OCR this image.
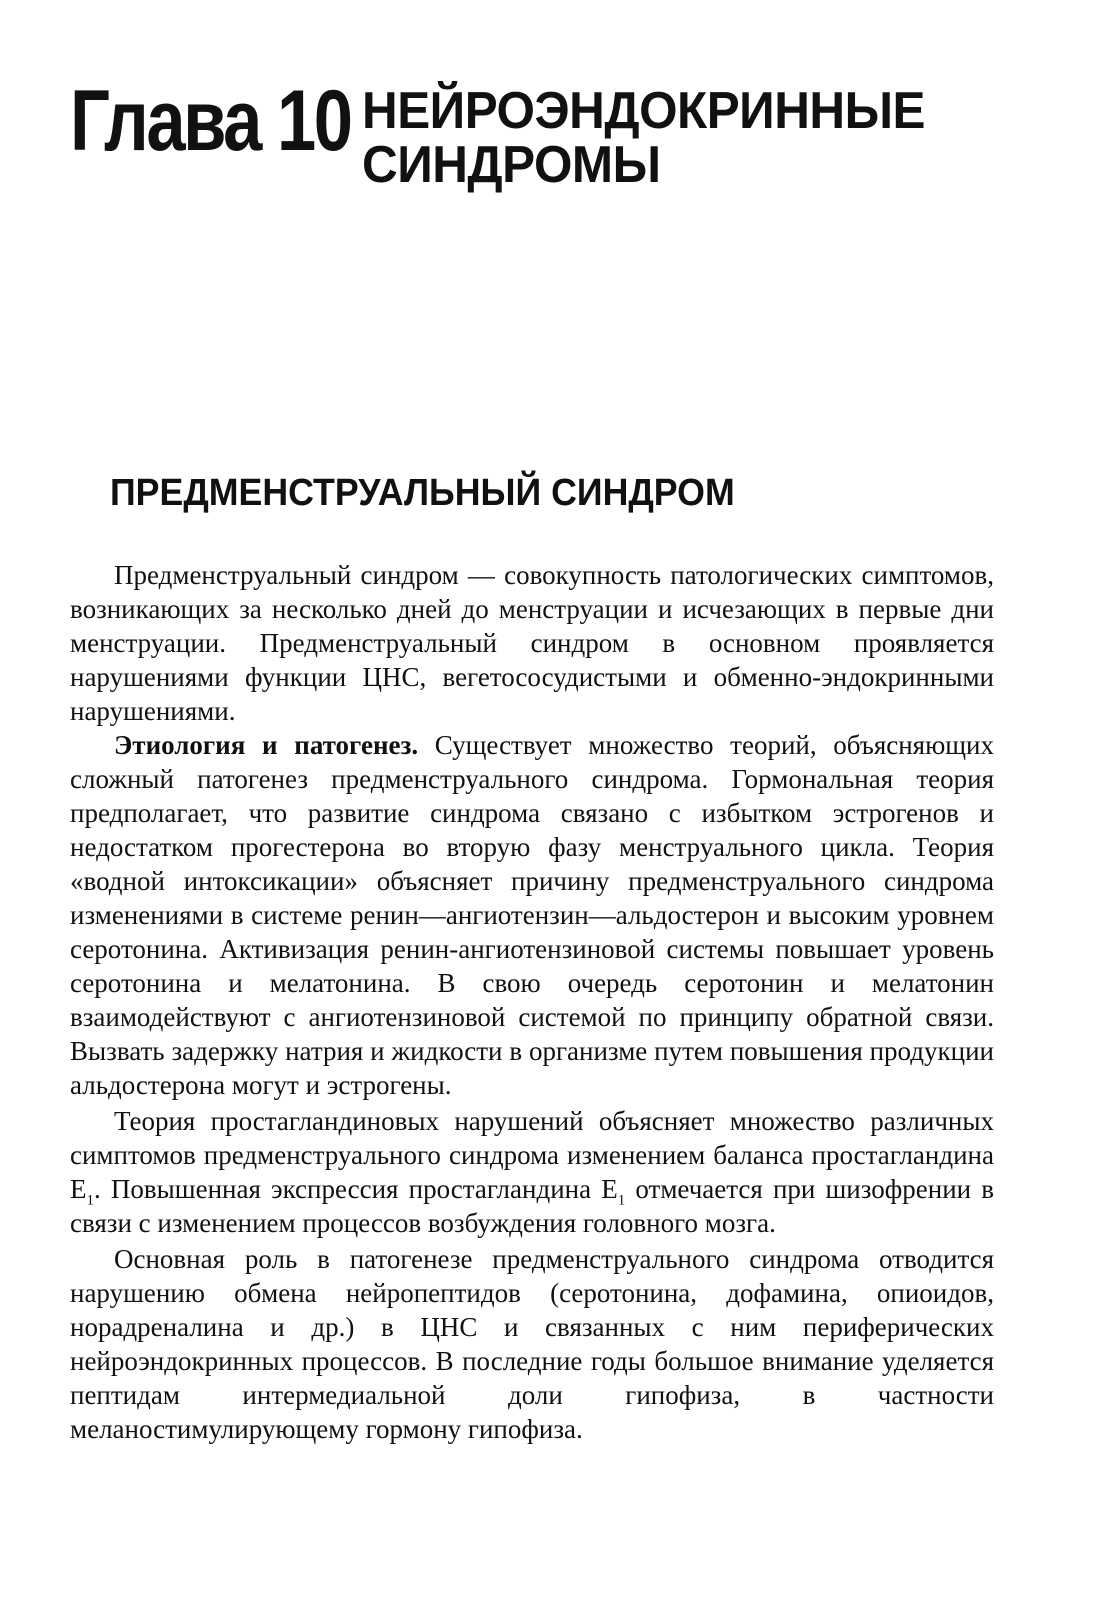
Глава 10 НЕЙРОЭНДОКРИННЫЕ
СИНДРОМЫ
ПРЕДМЕНСТРУАЛЬНЫЙ СИНДРОМ

Предменструальный синдром — совокупность патологических симптомов, возникающих за несколько дней до менструации и исчезающих в первые дни менструации. Предменструальный синдром в основном проявляется нарушениями функции ЦНС, вегетососудистыми и обменно-эндокринными нарушениями.

Этиология и патогенез. Существует множество теорий, объясняющих сложный патогенез предменструального синдрома. Гормональная теория предполагает, что развитие синдрома связано с избытком эстрогенов и недостатком прогестерона во вторую фазу менструального цикла. Теория «водной интоксикации» объясняет причину предменструального синдрома изменениями в системе ренин—ангиотензин—альдостерон и высоким уровнем серотонина. Активизация ренин-ангиотензиновой системы повышает уровень серотонина и мелатонина. В свою очередь серотонин и мелатонин взаимодействуют с ангиотензиновой системой по принципу обратной связи. Вызвать задержку натрия и жидкости в организме путем повышения продукции альдостерона могут и эстрогены.

Теория простагландиновых нарушений объясняет множество различных симптомов предменструального синдрома изменением баланса простагландина $Е_1$. Повышенная экспрессия простагландина $Е_1$ отмечается при шизофрении в связи с изменением процессов возбуждения головного мозга.

Основная роль в патогенезе предменструального синдрома отводится нарушению обмена нейропептидов (серотонина, дофамина, опиоидов, норадреналина и др.) в ЦНС и связанных с ним периферических нейроэндокринных процессов. В последние годы большое внимание уделяется пептидам интермедиальной доли гипофиза, в частности меланостимулирующему гормону гипофиза.
